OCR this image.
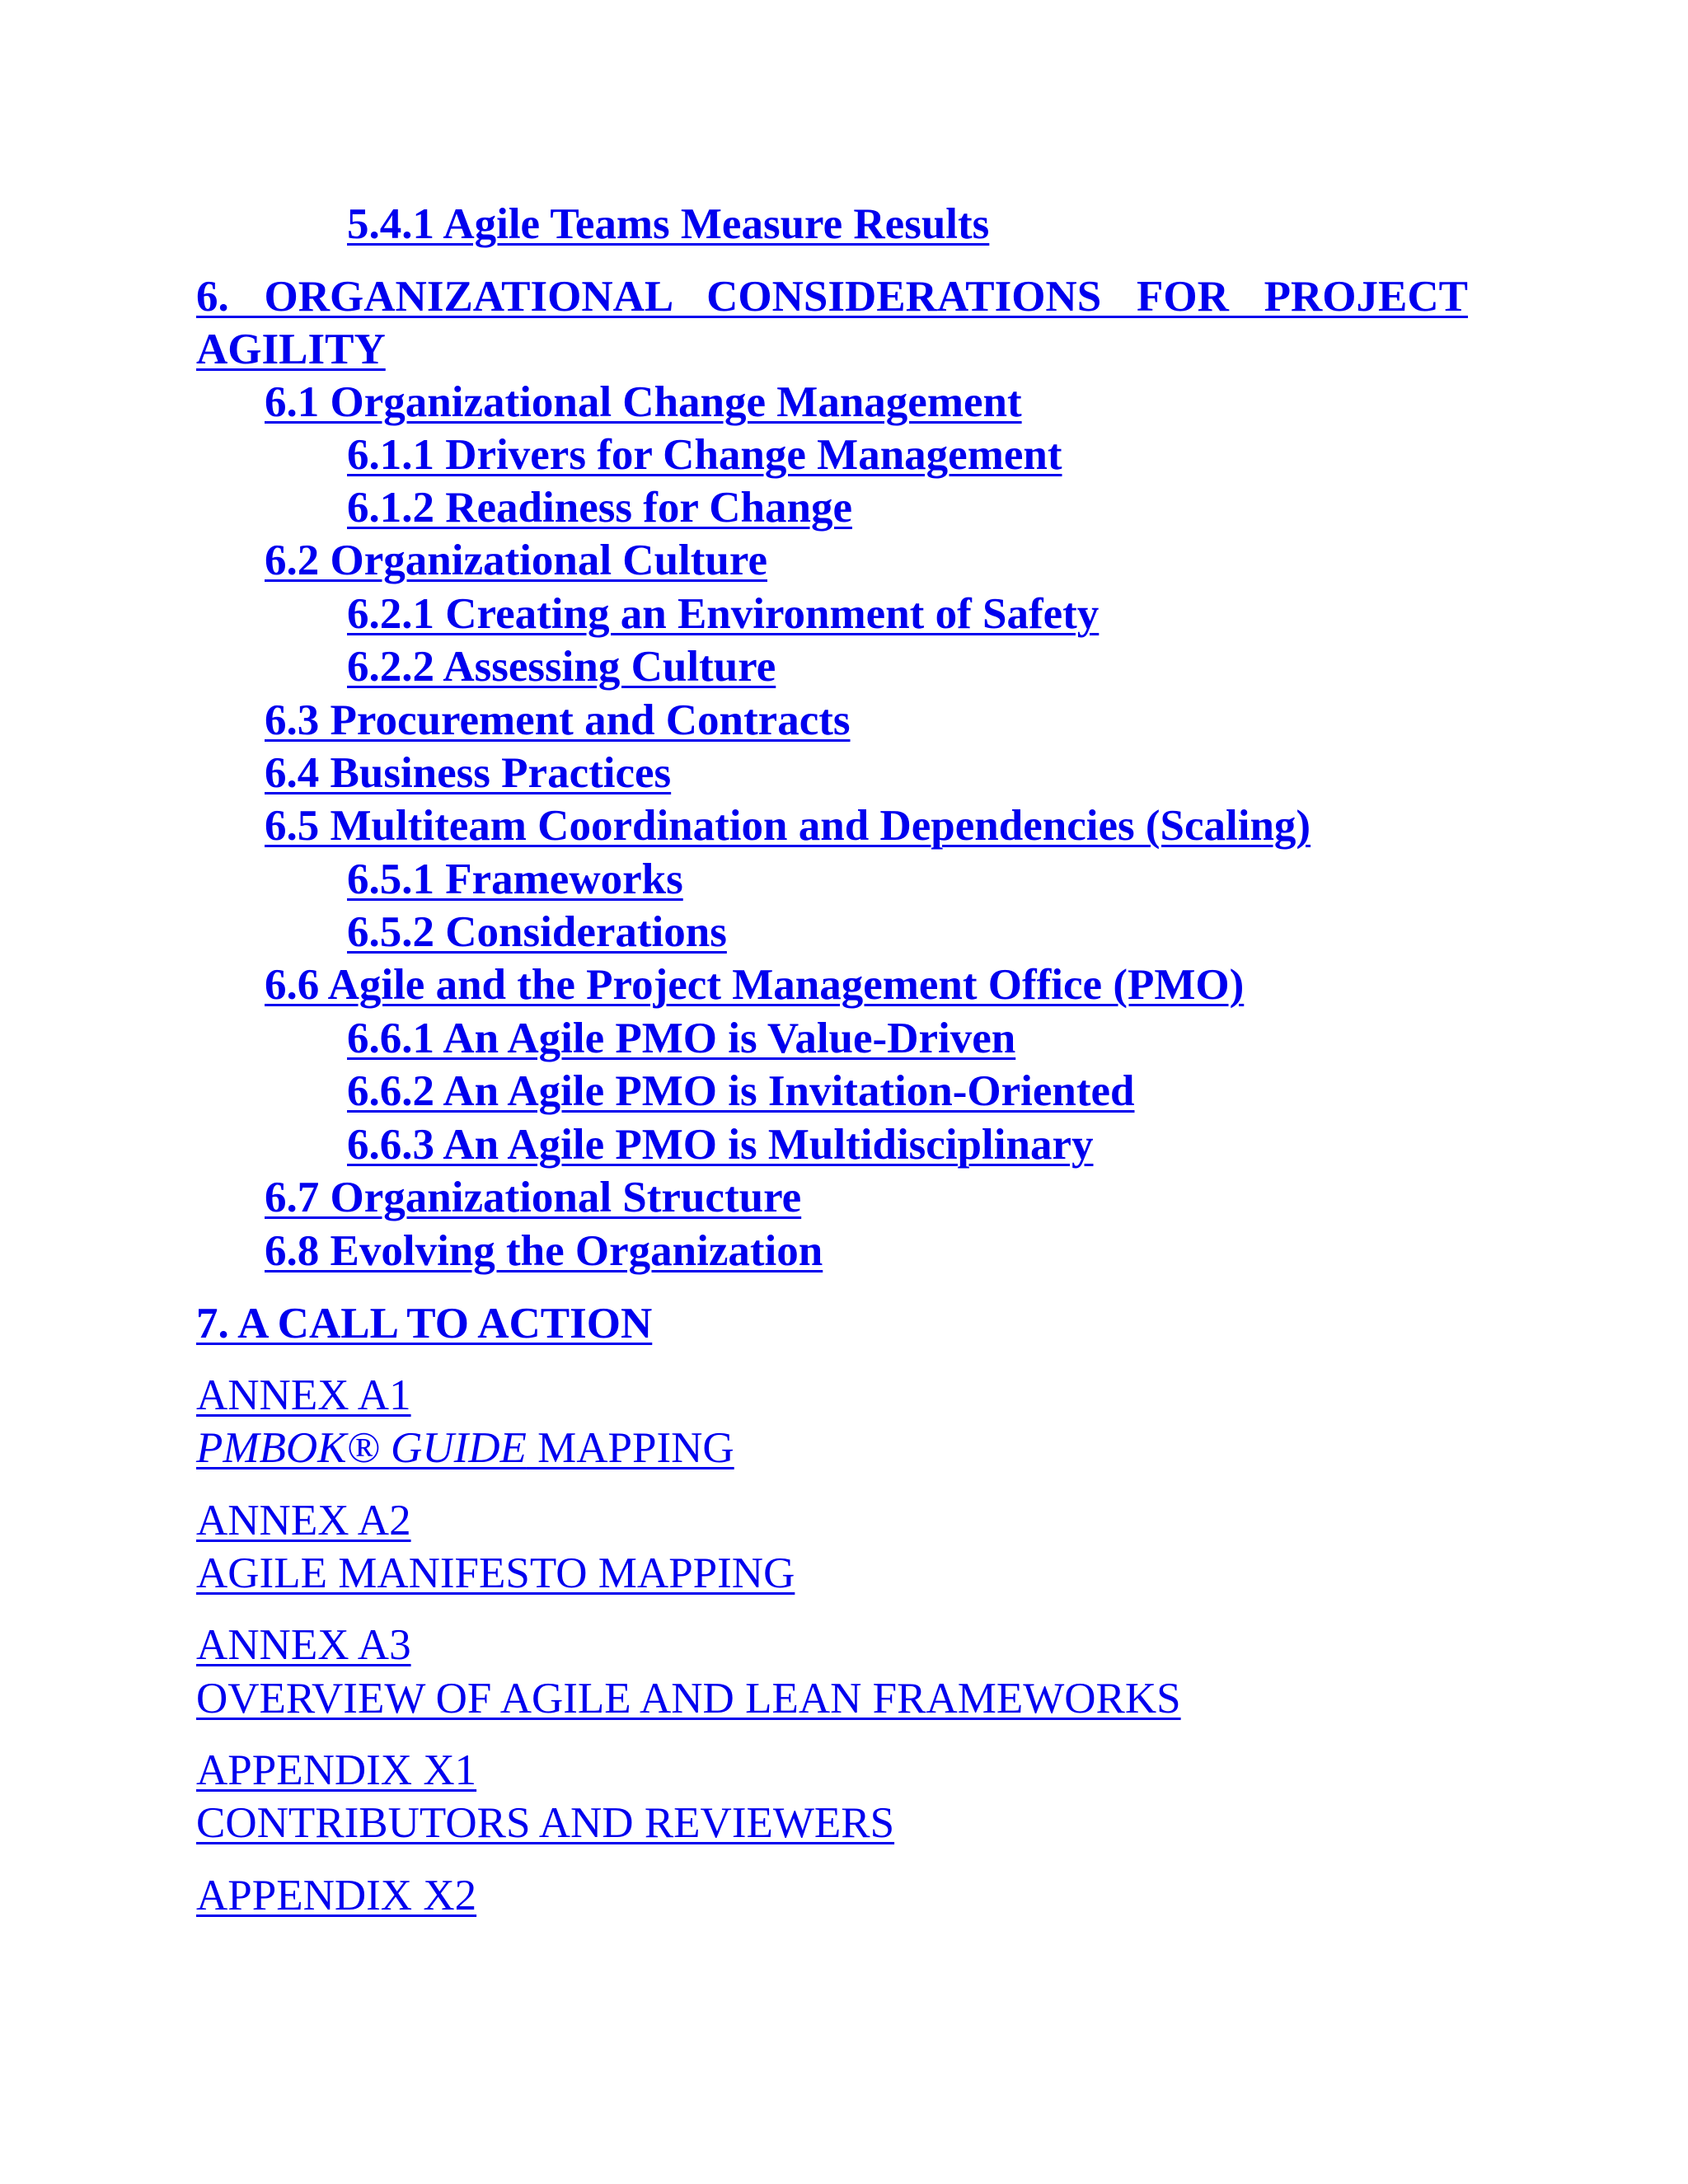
5.4.1 Agile Teams Measure Results
6. ORGANIZATIONAL CONSIDERATIONS FOR PROJECT
AGILITY
6.1 Organizational Change Management
6.1.1 Drivers for Change Management
6.1.2 Readiness for Change
6.2 Organizational Culture
6.2.1 Creating an Environment of Safety
6.2.2 Assessing Culture
6.3 Procurement and Contracts
6.4 Business Practices
6.5 Multiteam Coordination and Dependencies (Scaling)
6.5.1 Frameworks
6.5.2 Considerations
6.6 Agile and the Project Management Office (PMO)
6.6.1 An Agile PMO is Value-Driven
6.6.2 An Agile PMO is Invitation-Oriented
6.6.3 An Agile PMO is Multidisciplinary
6.7 Organizational Structure
6.8 Evolving the Organization
7. A CALL TO ACTION
ANNEX A1
PMBOK® GUIDE MAPPING
ANNEX A2
AGILE MANIFESTO MAPPING
ANNEX A3
OVERVIEW OF AGILE AND LEAN FRAMEWORKS
APPENDIX X1
CONTRIBUTORS AND REVIEWERS
APPENDIX X2
